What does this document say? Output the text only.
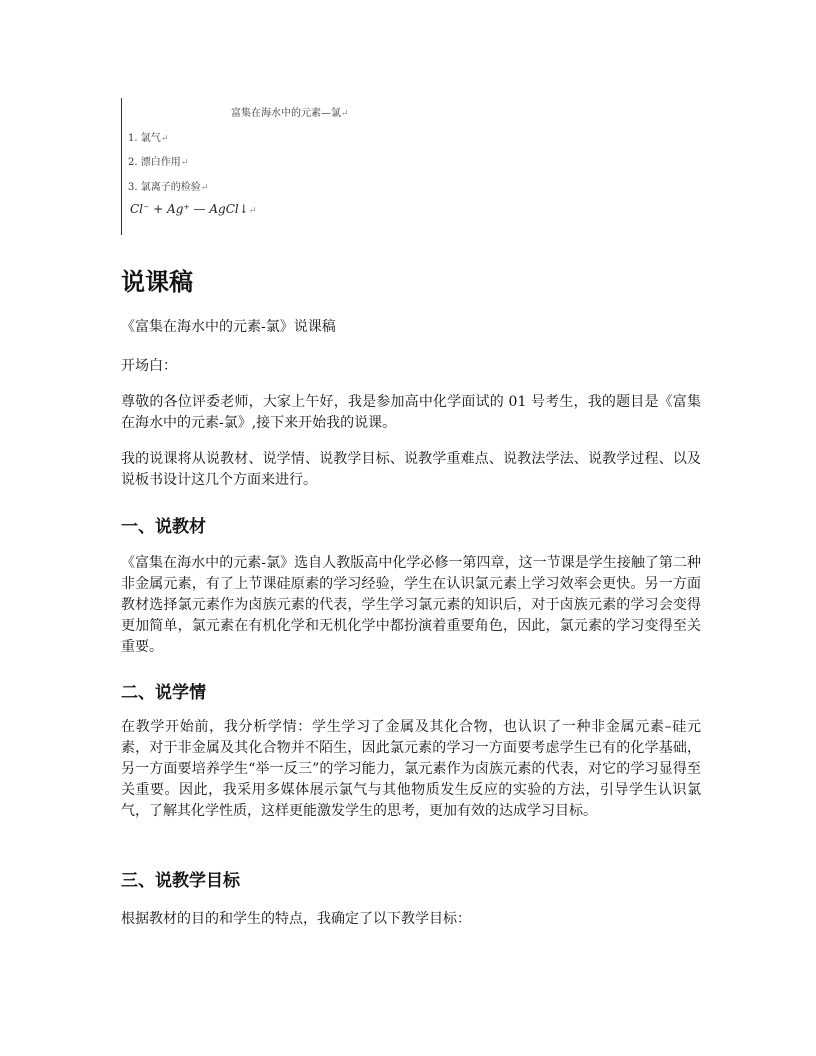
富集在海水中的元素—氯↵
1. 氯气↵
2. 漂白作用↵
3. 氯离子的检验↵
Cl⁻ + Ag⁺ — AgCl↓↵
说课稿

《富集在海水中的元素-氯》说课稿

开场白：

尊敬的各位评委老师，大家上午好，我是参加高中化学面试的 01 号考生，我的题目是《富集在海水中的元素-氯》,接下来开始我的说课。

我的说课将从说教材、说学情、说教学目标、说教学重难点、说教法学法、说教学过程、以及说板书设计这几个方面来进行。

一、说教材

《富集在海水中的元素-氯》选自人教版高中化学必修一第四章，这一节课是学生接触了第二种非金属元素，有了上节课硅原素的学习经验，学生在认识氯元素上学习效率会更快。另一方面教材选择氯元素作为卤族元素的代表，学生学习氯元素的知识后，对于卤族元素的学习会变得更加简单，氯元素在有机化学和无机化学中都扮演着重要角色，因此，氯元素的学习变得至关重要。

二、说学情

在教学开始前，我分析学情：学生学习了金属及其化合物，也认识了一种非金属元素–硅元素，对于非金属及其化合物并不陌生，因此氯元素的学习一方面要考虑学生已有的化学基础，另一方面要培养学生“举一反三”的学习能力，氯元素作为卤族元素的代表，对它的学习显得至关重要。因此，我采用多媒体展示氯气与其他物质发生反应的实验的方法，引导学生认识氯气，了解其化学性质，这样更能激发学生的思考，更加有效的达成学习目标。

三、说教学目标

根据教材的目的和学生的特点，我确定了以下教学目标：
